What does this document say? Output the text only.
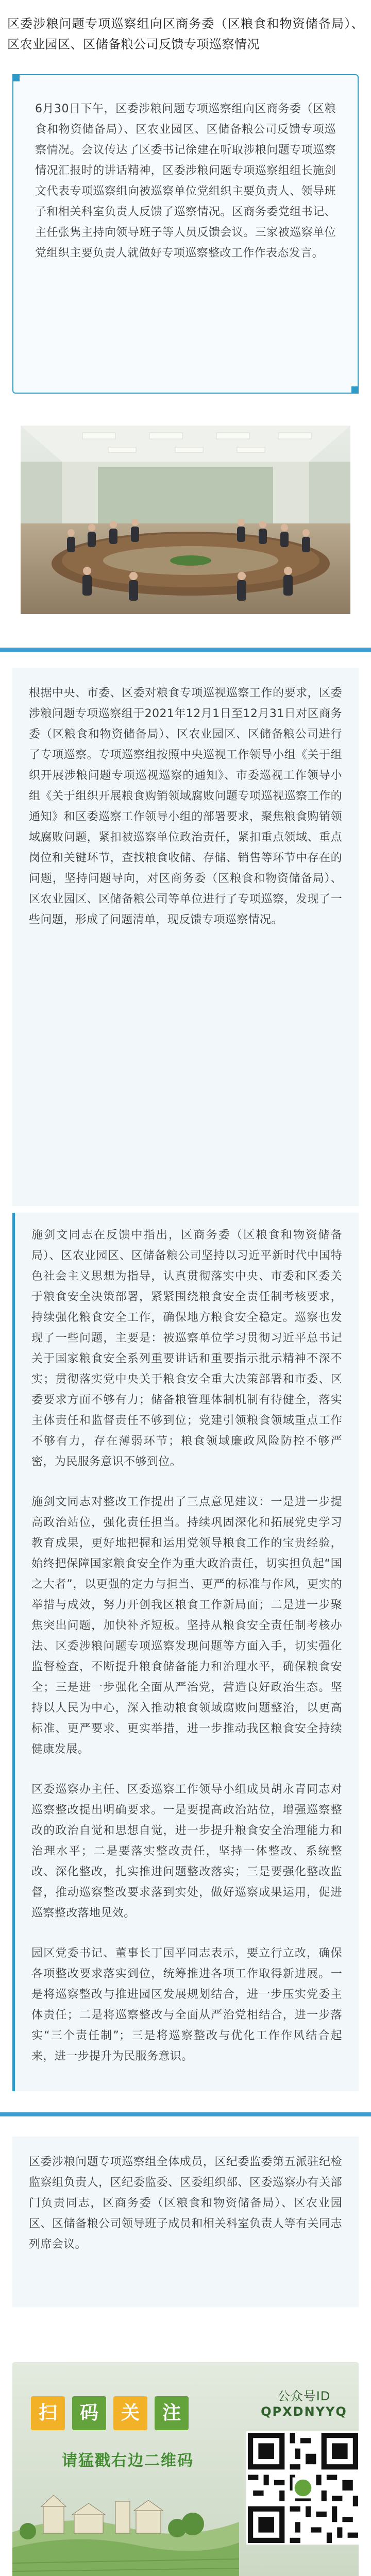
区委涉粮问题专项巡察组向区商务委（区粮食和物资储备局）、区农业园区、区储备粮公司反馈专项巡察情况

6月30日下午，区委涉粮问题专项巡察组向区商务委（区粮食和物资储备局）、区农业园区、区储备粮公司反馈专项巡察情况。会议传达了区委书记徐建在听取涉粮问题专项巡察情况汇报时的讲话精神，区委涉粮问题专项巡察组组长施剑文代表专项巡察组向被巡察单位党组织主要负责人、领导班子和相关科室负责人反馈了巡察情况。区商务委党组书记、主任张隽主持向领导班子等人员反馈会议。三家被巡察单位党组织主要负责人就做好专项巡察整改工作作表态发言。

根据中央、市委、区委对粮食专项巡视巡察工作的要求，区委涉粮问题专项巡察组于2021年12月1日至12月31日对区商务委（区粮食和物资储备局）、区农业园区、区储备粮公司进行了专项巡察。专项巡察组按照中央巡视工作领导小组《关于组织开展涉粮问题专项巡视巡察的通知》、市委巡视工作领导小组《关于组织开展粮食购销领域腐败问题专项巡视巡察工作的通知》和区委巡察工作领导小组的部署要求，聚焦粮食购销领域腐败问题，紧扣被巡察单位政治责任，紧扣重点领域、重点岗位和关键环节，查找粮食收储、存储、销售等环节中存在的问题，坚持问题导向，对区商务委（区粮食和物资储备局）、区农业园区、区储备粮公司等单位进行了专项巡察，发现了一些问题，形成了问题清单，现反馈专项巡察情况。

施剑文同志在反馈中指出，区商务委（区粮食和物资储备局）、区农业园区、区储备粮公司坚持以习近平新时代中国特色社会主义思想为指导，认真贯彻落实中央、市委和区委关于粮食安全决策部署，紧紧围绕粮食安全责任制考核要求，持续强化粮食安全工作，确保地方粮食安全稳定。巡察也发现了一些问题，主要是：被巡察单位学习贯彻习近平总书记关于国家粮食安全系列重要讲话和重要指示批示精神不深不实；贯彻落实党中央关于粮食安全重大决策部署和市委、区委要求方面不够有力；储备粮管理体制机制有待健全，落实主体责任和监督责任不够到位；党建引领粮食领域重点工作不够有力，存在薄弱环节；粮食领域廉政风险防控不够严密，为民服务意识不够到位。

施剑文同志对整改工作提出了三点意见建议：一是进一步提高政治站位，强化责任担当。持续巩固深化和拓展党史学习教育成果，更好地把握和运用党领导粮食工作的宝贵经验，始终把保障国家粮食安全作为重大政治责任，切实担负起“国之大者”，以更强的定力与担当、更严的标准与作风，更实的举措与成效，努力开创我区粮食工作新局面；二是进一步聚焦突出问题，加快补齐短板。坚持从粮食安全责任制考核办法、区委涉粮问题专项巡察发现问题等方面入手，切实强化监督检查，不断提升粮食储备能力和治理水平，确保粮食安全；三是进一步强化全面从严治党，营造良好政治生态。坚持以人民为中心，深入推动粮食领域腐败问题整治，以更高标准、更严要求、更实举措，进一步推动我区粮食安全持续健康发展。

区委巡察办主任、区委巡察工作领导小组成员胡永青同志对巡察整改提出明确要求。一是要提高政治站位，增强巡察整改的政治自觉和思想自觉，进一步提升粮食安全治理能力和治理水平；二是要落实整改责任，坚持一体整改、系统整改、深化整改，扎实推进问题整改落实；三是要强化整改监督，推动巡察整改要求落到实处，做好巡察成果运用，促进巡察整改落地见效。

园区党委书记、董事长丁国平同志表示，要立行立改，确保各项整改要求落实到位，统筹推进各项工作取得新进展。一是将巡察整改与推进园区发展规划结合，进一步压实党委主体责任；二是将巡察整改与全面从严治党相结合，进一步落实“三个责任制”；三是将巡察整改与优化工作作风结合起来，进一步提升为民服务意识。

区委涉粮问题专项巡察组全体成员，区纪委监委第五派驻纪检监察组负责人，区纪委监委、区委组织部、区委巡察办有关部门负责同志，区商务委（区粮食和物资储备局）、区农业园区、区储备粮公司领导班子成员和相关科室负责人等有关同志列席会议。

扫	码	关	注
请猛戳右边二维码
公众号ID
QPXDNYYQ
